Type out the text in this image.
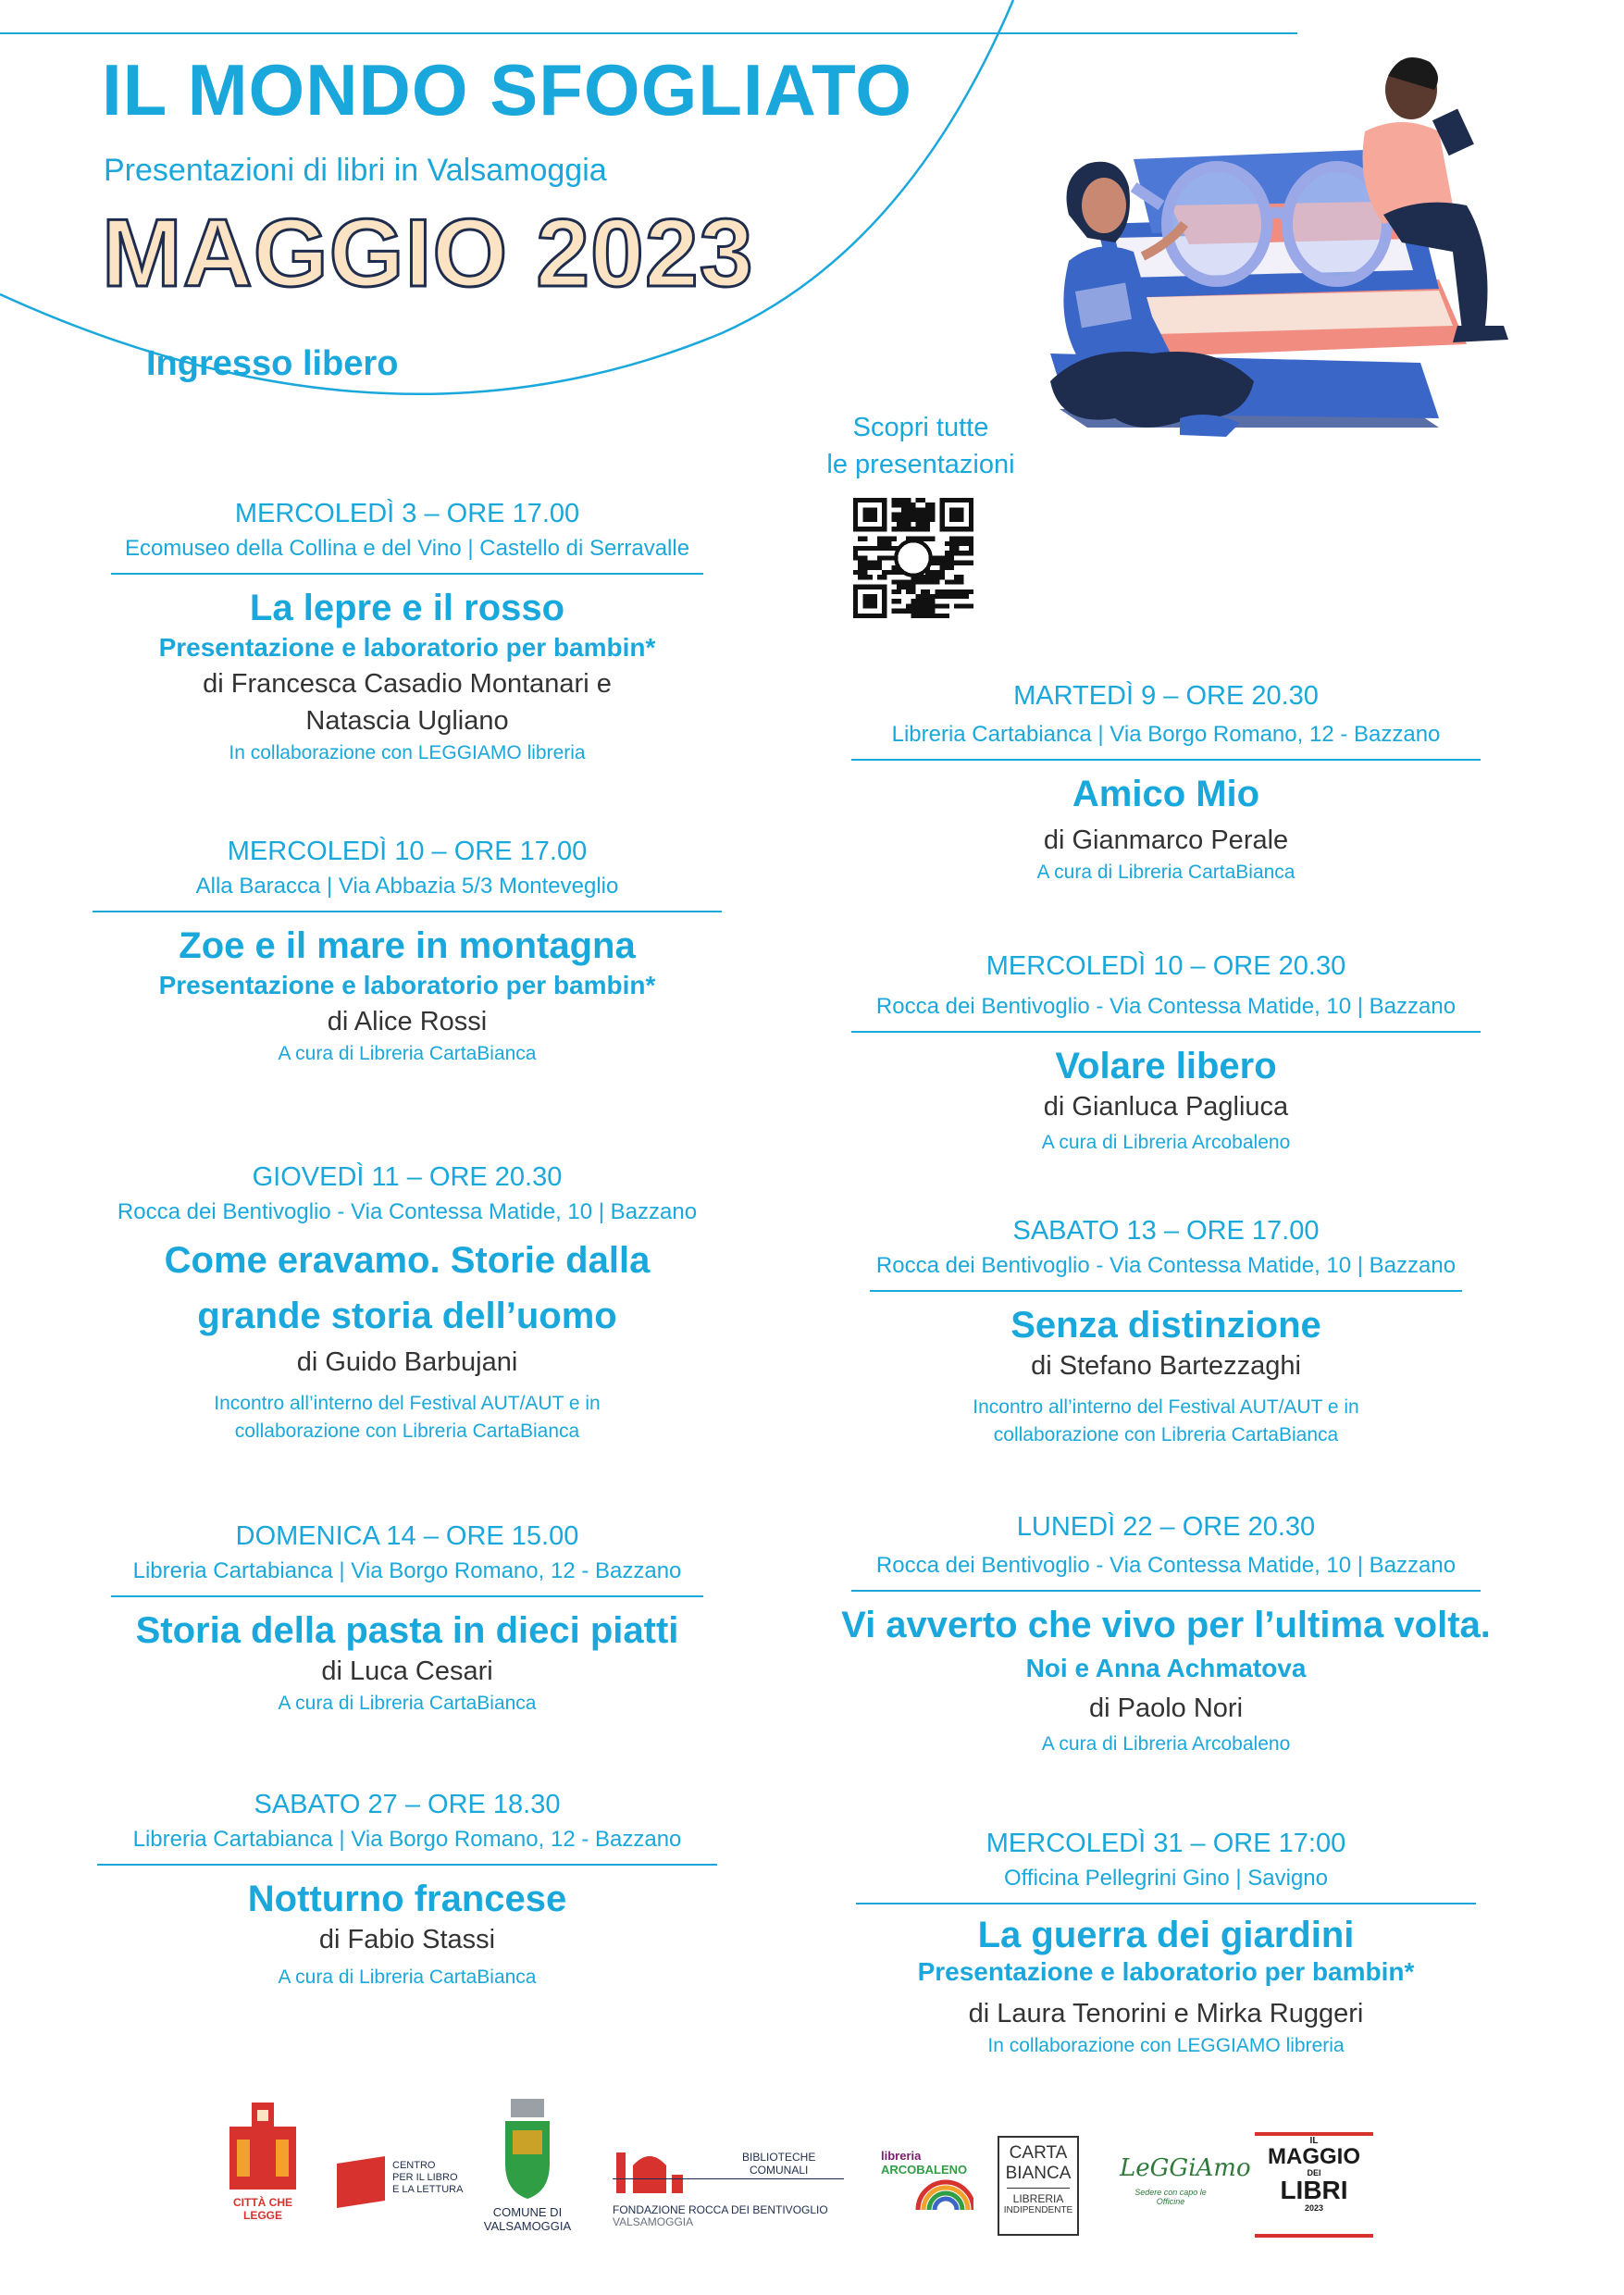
IL MONDO SFOGLIATO
Presentazioni di libri in Valsamoggia
MAGGIO 2023
Ingresso libero
Scopri tutte
le presentazioni
MERCOLEDÌ 3 – ORE 17.00
Ecomuseo della Collina e del Vino | Castello di Serravalle
La lepre e il rosso
Presentazione e laboratorio per bambin*
di Francesca Casadio Montanari e
Natascia Ugliano
In collaborazione con LEGGIAMO libreria
MERCOLEDÌ 10 – ORE 17.00
Alla Baracca | Via Abbazia 5/3 Monteveglio
Zoe e il mare in montagna
Presentazione e laboratorio per bambin*
di Alice Rossi
A cura di Libreria CartaBianca
GIOVEDÌ 11 – ORE 20.30
Rocca dei Bentivoglio - Via Contessa Matide, 10 | Bazzano
Come eravamo. Storie dalla
grande storia dell’uomo
di Guido Barbujani
Incontro all’interno del Festival AUT/AUT e in
collaborazione con Libreria CartaBianca
DOMENICA 14 – ORE 15.00
Libreria Cartabianca | Via Borgo Romano, 12 - Bazzano
Storia della pasta in dieci piatti
di Luca Cesari
A cura di Libreria CartaBianca
SABATO 27 – ORE 18.30
Libreria Cartabianca | Via Borgo Romano, 12 - Bazzano
Notturno francese
di Fabio Stassi
A cura di Libreria CartaBianca
MARTEDÌ 9 – ORE 20.30
Libreria Cartabianca | Via Borgo Romano, 12 - Bazzano
Amico Mio
di Gianmarco Perale
A cura di Libreria CartaBianca
MERCOLEDÌ 10 – ORE 20.30
Rocca dei Bentivoglio - Via Contessa Matide, 10 | Bazzano
Volare libero
di Gianluca Pagliuca
A cura di Libreria Arcobaleno
SABATO 13 – ORE 17.00
Rocca dei Bentivoglio - Via Contessa Matide, 10 | Bazzano
Senza distinzione
di Stefano Bartezzaghi
Incontro all’interno del Festival AUT/AUT e in
collaborazione con Libreria CartaBianca
LUNEDÌ 22 – ORE 20.30
Rocca dei Bentivoglio - Via Contessa Matide, 10 | Bazzano
Vi avverto che vivo per l’ultima volta.
Noi e Anna Achmatova
di Paolo Nori
A cura di Libreria Arcobaleno
MERCOLEDÌ 31 – ORE 17:00
Officina Pellegrini Gino | Savigno
La guerra dei giardini
Presentazione e laboratorio per bambin*
di Laura Tenorini e Mirka Ruggeri
In collaborazione con LEGGIAMO libreria
CITTÀ CHE LEGGE
CENTRO
PER IL LIBRO
E LA LETTURA
COMUNE DI
VALSAMOGGIA
BIBLIOTECHE
COMUNALI
FONDAZIONE ROCCA DEI BENTIVOGLIO
VALSAMOGGIA
libreria
ARCOBALENO
CARTA
BIANCA
LIBRERIA
INDIPENDENTE
LeGGiAmo
Sedere con capo le Officine
IL
MAGGIO
DEI
LIBRI
2023
